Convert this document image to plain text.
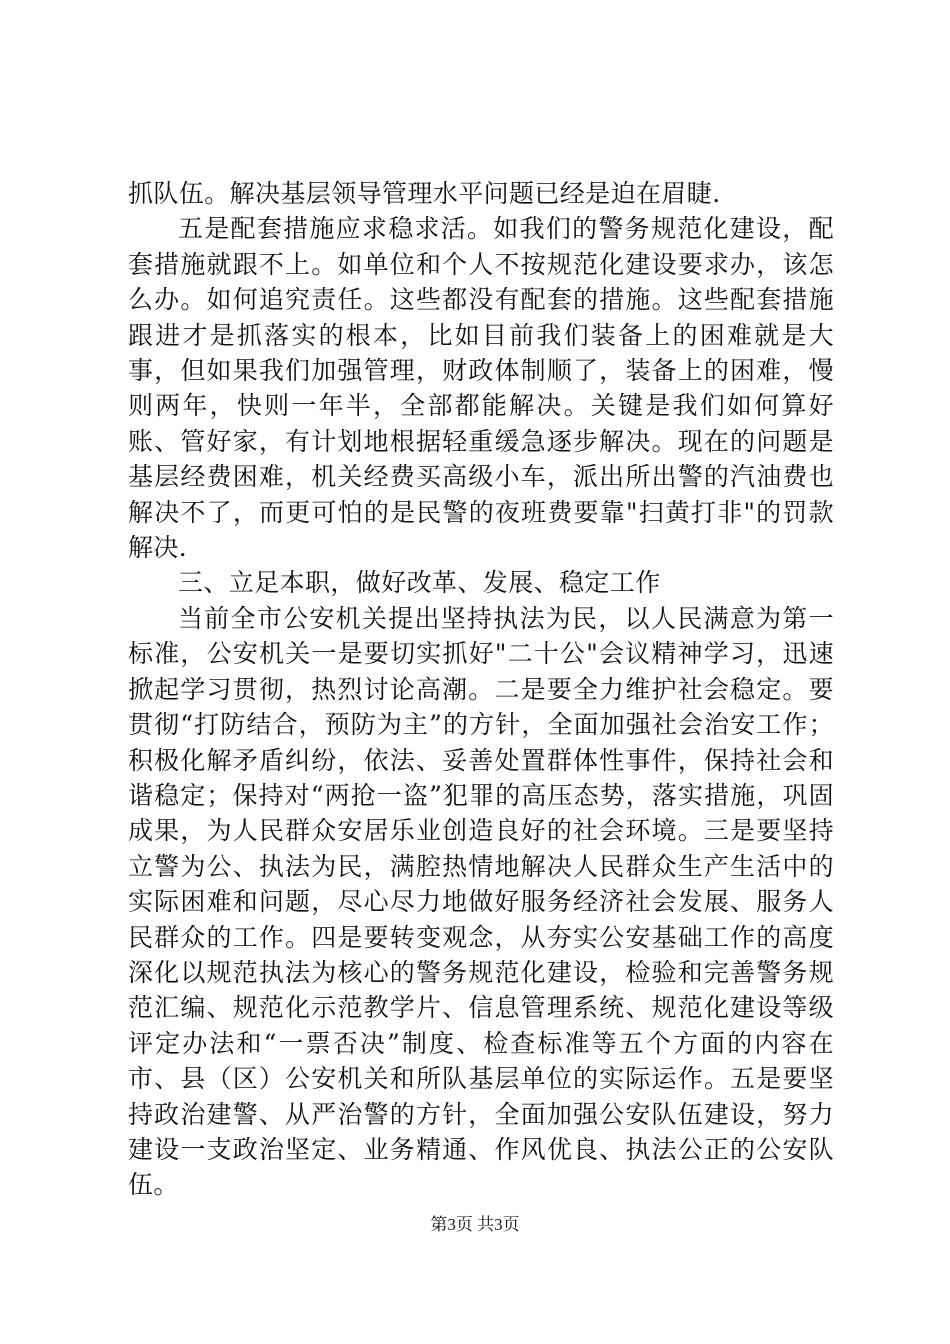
抓队伍。解决基层领导管理水平问题已经是迫在眉睫.

五是配套措施应求稳求活。如我们的警务规范化建设，配套措施就跟不上。如单位和个人不按规范化建设要求办，该怎么办。如何追究责任。这些都没有配套的措施。这些配套措施跟进才是抓落实的根本，比如目前我们装备上的困难就是大事，但如果我们加强管理，财政体制顺了，装备上的困难，慢则两年，快则一年半，全部都能解决。关键是我们如何算好账、管好家，有计划地根据轻重缓急逐步解决。现在的问题是基层经费困难，机关经费买高级小车，派出所出警的汽油费也解决不了，而更可怕的是民警的夜班费要靠"扫黄打非"的罚款解决.

三、立足本职，做好改革、发展、稳定工作

当前全市公安机关提出坚持执法为民，以人民满意为第一标准，公安机关一是要切实抓好"二十公"会议精神学习，迅速掀起学习贯彻，热烈讨论高潮。二是要全力维护社会稳定。要贯彻“打防结合，预防为主”的方针，全面加强社会治安工作；积极化解矛盾纠纷，依法、妥善处置群体性事件，保持社会和谐稳定；保持对“两抢一盗”犯罪的高压态势，落实措施，巩固成果，为人民群众安居乐业创造良好的社会环境。三是要坚持立警为公、执法为民，满腔热情地解决人民群众生产生活中的实际困难和问题，尽心尽力地做好服务经济社会发展、服务人民群众的工作。四是要转变观念，从夯实公安基础工作的高度深化以规范执法为核心的警务规范化建设，检验和完善警务规范汇编、规范化示范教学片、信息管理系统、规范化建设等级评定办法和“一票否决”制度、检查标准等五个方面的内容在市、县（区）公安机关和所队基层单位的实际运作。五是要坚持政治建警、从严治警的方针，全面加强公安队伍建设，努力建设一支政治坚定、业务精通、作风优良、执法公正的公安队伍。

第3页 共3页
